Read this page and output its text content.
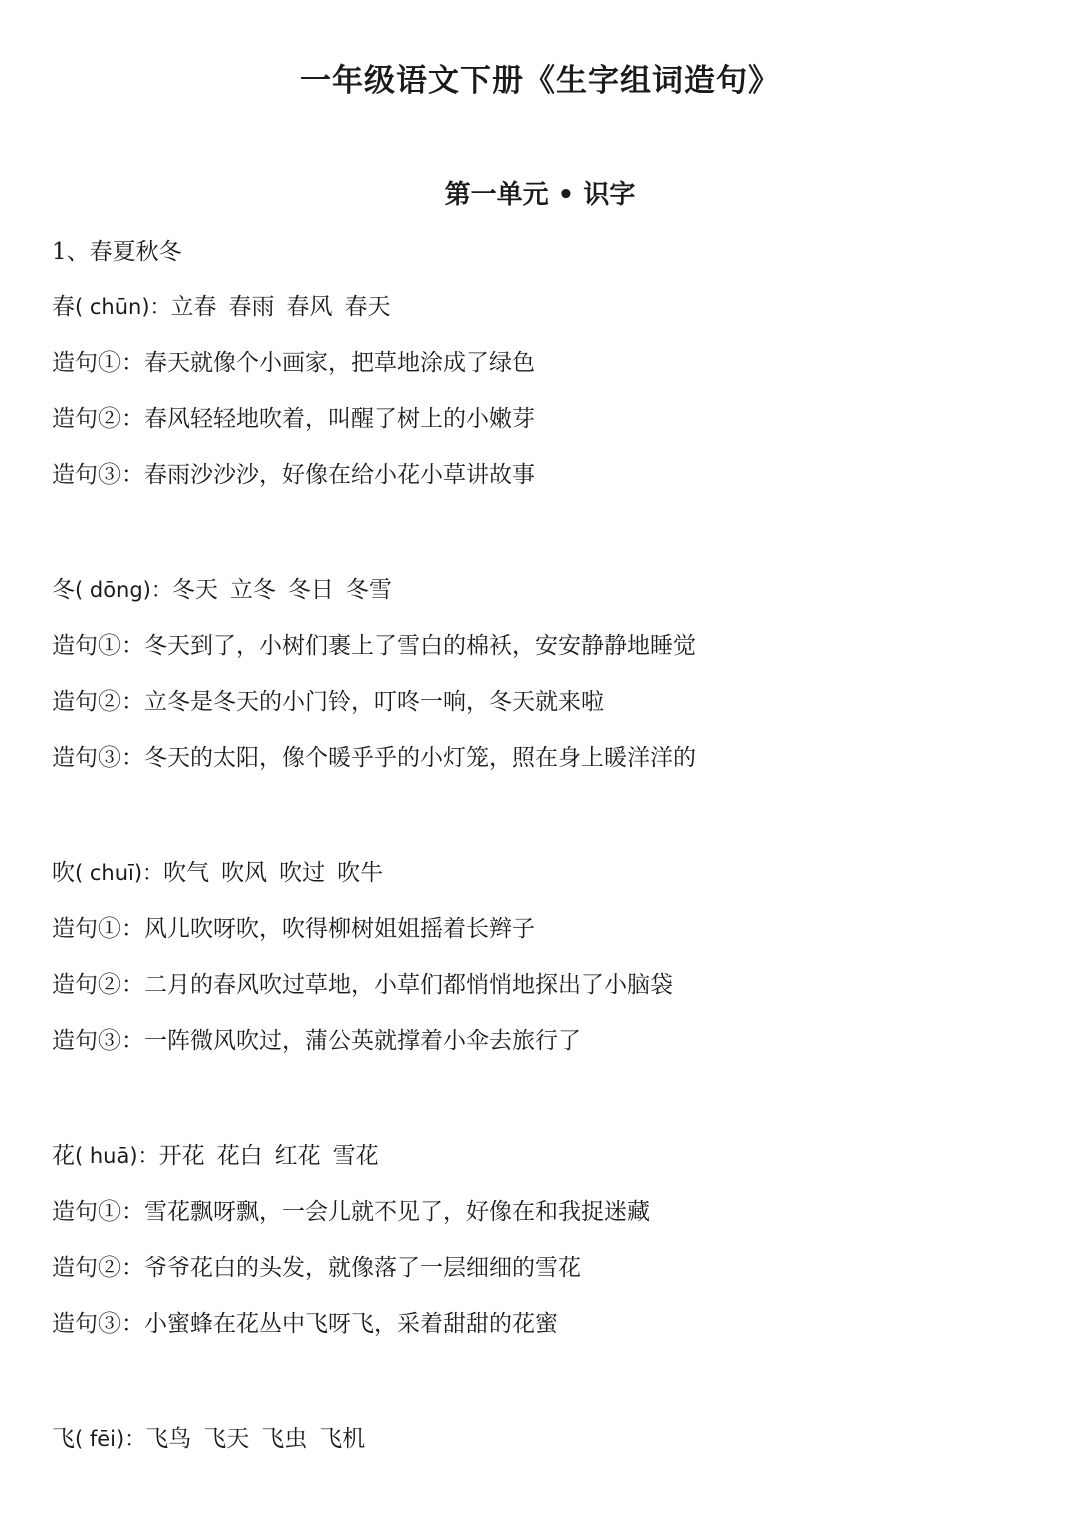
一年级语文下册《生字组词造句》
第一单元 • 识字
1、春夏秋冬
春( chūn)：立春 春雨 春风 春天
造句①：春天就像个小画家，把草地涂成了绿色
造句②：春风轻轻地吹着，叫醒了树上的小嫩芽
造句③：春雨沙沙沙，好像在给小花小草讲故事
冬( dōng)：冬天 立冬 冬日 冬雪
造句①：冬天到了，小树们裹上了雪白的棉袄，安安静静地睡觉
造句②：立冬是冬天的小门铃，叮咚一响，冬天就来啦
造句③：冬天的太阳，像个暖乎乎的小灯笼，照在身上暖洋洋的
吹( chuī)：吹气 吹风 吹过 吹牛
造句①：风儿吹呀吹，吹得柳树姐姐摇着长辫子
造句②：二月的春风吹过草地，小草们都悄悄地探出了小脑袋
造句③：一阵微风吹过，蒲公英就撑着小伞去旅行了
花( huā)：开花 花白 红花 雪花
造句①：雪花飘呀飘，一会儿就不见了，好像在和我捉迷藏
造句②：爷爷花白的头发，就像落了一层细细的雪花
造句③：小蜜蜂在花丛中飞呀飞，采着甜甜的花蜜
飞( fēi)：飞鸟 飞天 飞虫 飞机
